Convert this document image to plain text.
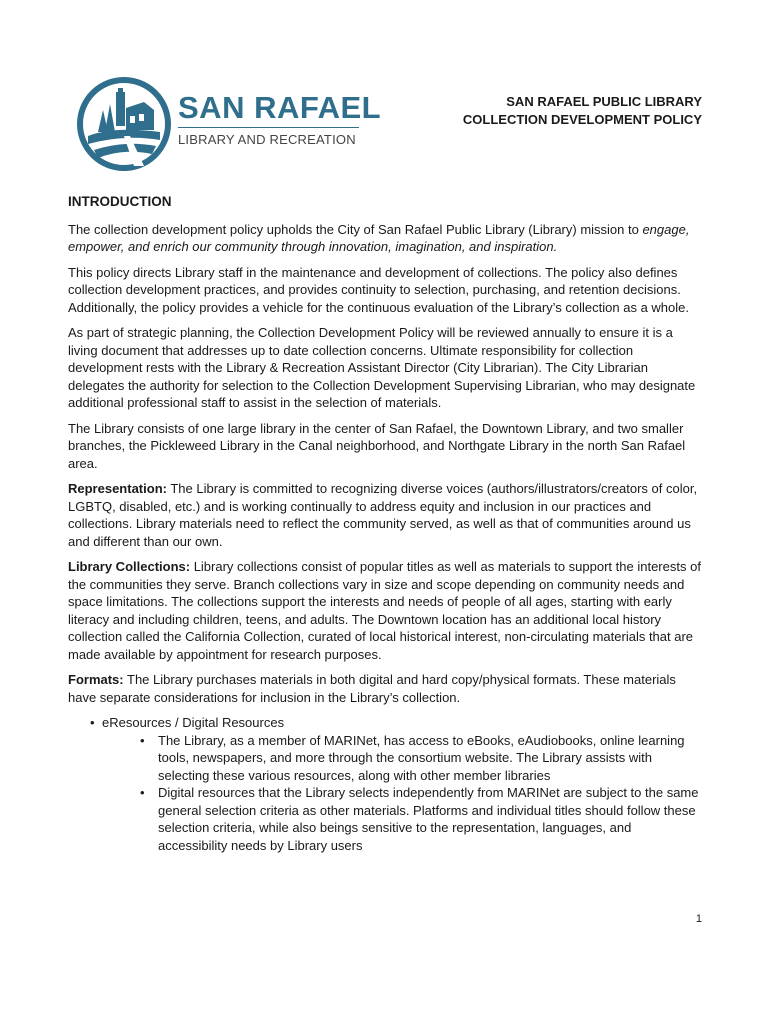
SAN RAFAEL
LIBRARY AND RECREATION
SAN RAFAEL PUBLIC LIBRARY
COLLECTION DEVELOPMENT POLICY
INTRODUCTION

The collection development policy upholds the City of San Rafael Public Library (Library) mission to engage, empower, and enrich our community through innovation, imagination, and inspiration.

This policy directs Library staff in the maintenance and development of collections. The policy also defines collection development practices, and provides continuity to selection, purchasing, and retention decisions. Additionally, the policy provides a vehicle for the continuous evaluation of the Library’s collection as a whole.

As part of strategic planning, the Collection Development Policy will be reviewed annually to ensure it is a living document that addresses up to date collection concerns. Ultimate responsibility for collection development rests with the Library & Recreation Assistant Director (City Librarian). The City Librarian delegates the authority for selection to the Collection Development Supervising Librarian, who may designate additional professional staff to assist in the selection of materials.

The Library consists of one large library in the center of San Rafael, the Downtown Library, and two smaller branches, the Pickleweed Library in the Canal neighborhood, and Northgate Library in the north San Rafael area.

Representation: The Library is committed to recognizing diverse voices (authors/illustrators/creators of color, LGBTQ, disabled, etc.) and is working continually to address equity and inclusion in our practices and collections. Library materials need to reflect the community served, as well as that of communities around us and different than our own.

Library Collections: Library collections consist of popular titles as well as materials to support the interests of the communities they serve. Branch collections vary in size and scope depending on community needs and space limitations. The collections support the interests and needs of people of all ages, starting with early literacy and including children, teens, and adults. The Downtown location has an additional local history collection called the California Collection, curated of local historical interest, non-circulating materials that are made available by appointment for research purposes.

Formats: The Library purchases materials in both digital and hard copy/physical formats. These materials have separate considerations for inclusion in the Library’s collection.

• eResources / Digital Resources
• The Library, as a member of MARINet, has access to eBooks, eAudiobooks, online learning tools, newspapers, and more through the consortium website. The Library assists with selecting these various resources, along with other member libraries
• Digital resources that the Library selects independently from MARINet are subject to the same general selection criteria as other materials. Platforms and individual titles should follow these selection criteria, while also beings sensitive to the representation, languages, and accessibility needs by Library users
1
